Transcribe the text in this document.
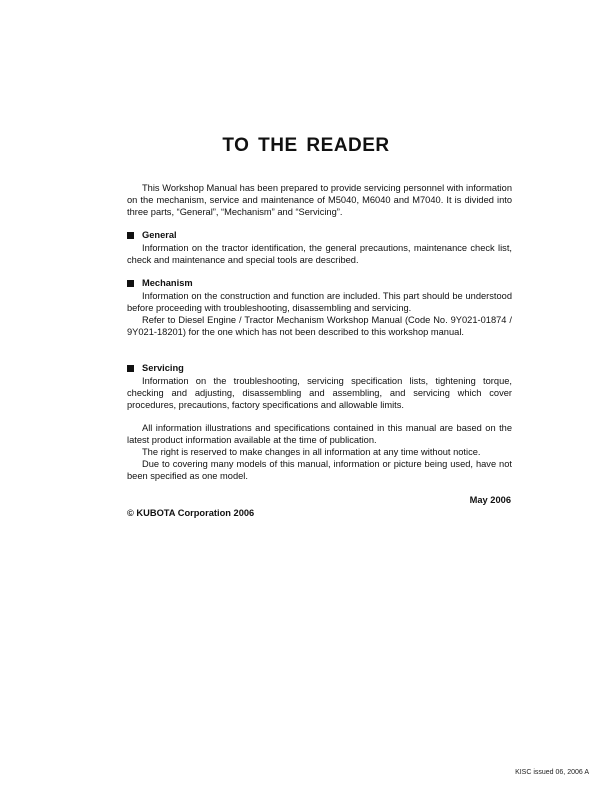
TO THE READER

This Workshop Manual has been prepared to provide servicing personnel with information on the mechanism, service and maintenance of M5040, M6040 and M7040. It is divided into three parts, “General”, “Mechanism” and “Servicing”.

General

Information on the tractor identification, the general precautions, maintenance check list, check and maintenance and special tools are described.

Mechanism

Information on the construction and function are included. This part should be understood before proceeding with troubleshooting, disassembling and servicing.

Refer to Diesel Engine / Tractor Mechanism Workshop Manual (Code No. 9Y021-01874 / 9Y021-18201) for the one which has not been described to this workshop manual.

Servicing

Information on the troubleshooting, servicing specification lists, tightening torque, checking and adjusting, disassembling and assembling, and servicing which cover procedures, precautions, factory specifications and allowable limits.

All information illustrations and specifications contained in this manual are based on the latest product information available at the time of publication.

The right is reserved to make changes in all information at any time without notice.

Due to covering many models of this manual, information or picture being used, have not been specified as one model.

May 2006
© KUBOTA Corporation 2006
KISC issued 06, 2006 A
